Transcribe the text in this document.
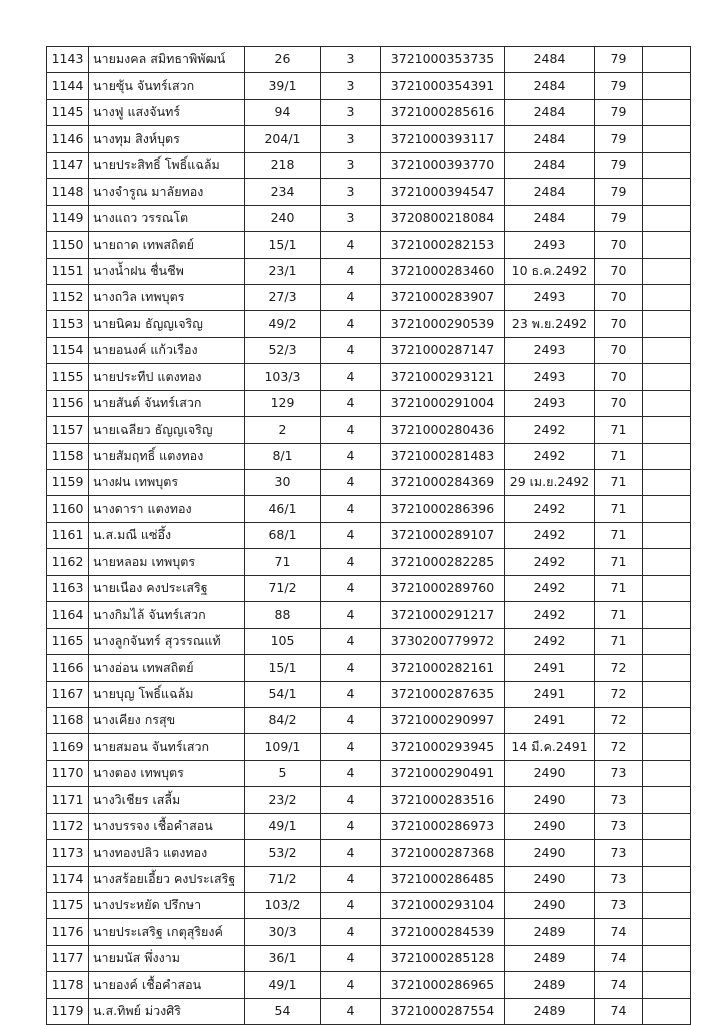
1143	นายมงคล สมิทธาพิพัฒน์	26	3	3721000353735	2484	79	
1144	นายซุ้น จันทร์เสวก	39/1	3	3721000354391	2484	79	
1145	นางฟู แสงจันทร์	94	3	3721000285616	2484	79	
1146	นางทุม สิงห์บุตร	204/1	3	3721000393117	2484	79	
1147	นายประสิทธิ์ โพธิ์แฉล้ม	218	3	3721000393770	2484	79	
1148	นางจำรูณ มาลัยทอง	234	3	3721000394547	2484	79	
1149	นางแถว วรรณโต	240	3	3720800218084	2484	79	
1150	นายถาด เทพสถิตย์	15/1	4	3721000282153	2493	70	
1151	นางน้ำฝน ชื่นชีพ	23/1	4	3721000283460	10 ธ.ค.2492	70	
1152	นางถวิล เทพบุตร	27/3	4	3721000283907	2493	70	
1153	นายนิคม ธัญญเจริญ	49/2	4	3721000290539	23 พ.ย.2492	70	
1154	นายอนงค์ แก้วเรือง	52/3	4	3721000287147	2493	70	
1155	นายประทีป แตงทอง	103/3	4	3721000293121	2493	70	
1156	นายสันต์ จันทร์เสวก	129	4	3721000291004	2493	70	
1157	นายเฉลียว ธัญญเจริญ	2	4	3721000280436	2492	71	
1158	นายสัมฤทธิ์ แตงทอง	8/1	4	3721000281483	2492	71	
1159	นางฝน เทพบุตร	30	4	3721000284369	29 เม.ย.2492	71	
1160	นางดารา แตงทอง	46/1	4	3721000286396	2492	71	
1161	น.ส.มณี แซ่อึ้ง	68/1	4	3721000289107	2492	71	
1162	นายหลอม เทพบุตร	71	4	3721000282285	2492	71	
1163	นายเนือง คงประเสริฐ	71/2	4	3721000289760	2492	71	
1164	นางกิมไล้ จันทร์เสวก	88	4	3721000291217	2492	71	
1165	นางลูกจันทร์ สุวรรณแท้	105	4	3730200779972	2492	71	
1166	นางอ่อน เทพสถิตย์	15/1	4	3721000282161	2491	72	
1167	นายบุญ โพธิ์แฉล้ม	54/1	4	3721000287635	2491	72	
1168	นางเคียง กรสุข	84/2	4	3721000290997	2491	72	
1169	นายสมอน จันทร์เสวก	109/1	4	3721000293945	14 มี.ค.2491	72	
1170	นางตอง เทพบุตร	5	4	3721000290491	2490	73	
1171	นางวิเชียร เสลี้ม	23/2	4	3721000283516	2490	73	
1172	นางบรรจง เชื้อคำสอน	49/1	4	3721000286973	2490	73	
1173	นางทองปลิว แตงทอง	53/2	4	3721000287368	2490	73	
1174	นางสร้อยเอี้ยว คงประเสริฐ	71/2	4	3721000286485	2490	73	
1175	นางประหยัด ปรึกษา	103/2	4	3721000293104	2490	73	
1176	นายประเสริฐ เกตุสุริยงค์	30/3	4	3721000284539	2489	74	
1177	นายมนัส พึ่งงาม	36/1	4	3721000285128	2489	74	
1178	นายองค์ เชื้อคำสอน	49/1	4	3721000286965	2489	74	
1179	น.ส.ทิพย์ ม่วงศิริ	54	4	3721000287554	2489	74	
